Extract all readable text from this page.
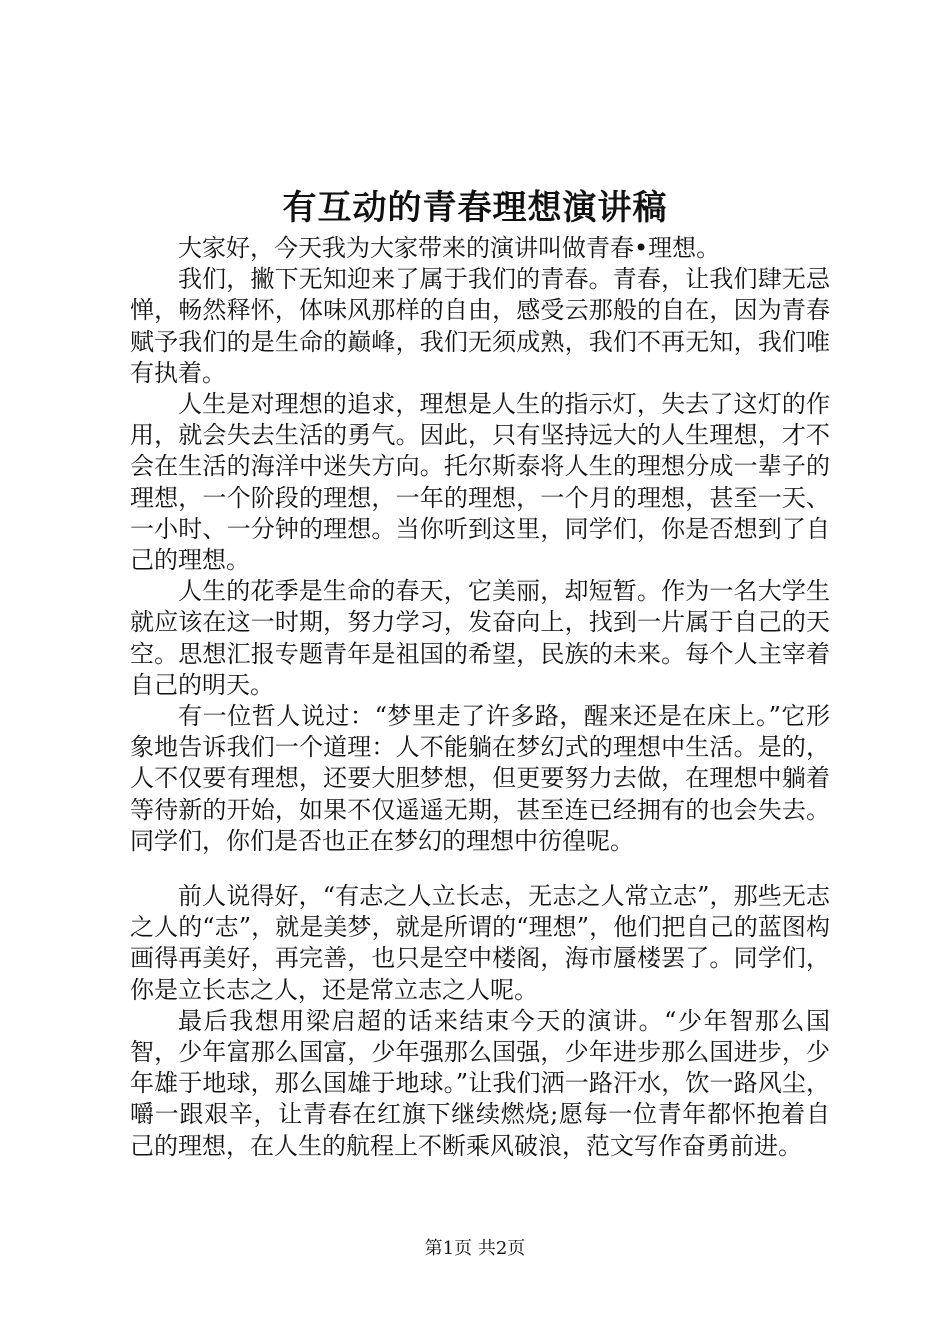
有互动的青春理想演讲稿

大家好，今天我为大家带来的演讲叫做青春•理想。

我们，撇下无知迎来了属于我们的青春。青春，让我们肆无忌惮，畅然释怀，体味风那样的自由，感受云那般的自在，因为青春赋予我们的是生命的巅峰，我们无须成熟，我们不再无知，我们唯有执着。

人生是对理想的追求，理想是人生的指示灯，失去了这灯的作用，就会失去生活的勇气。因此，只有坚持远大的人生理想，才不会在生活的海洋中迷失方向。托尔斯泰将人生的理想分成一辈子的理想，一个阶段的理想，一年的理想，一个月的理想，甚至一天、一小时、一分钟的理想。当你听到这里，同学们，你是否想到了自己的理想。

人生的花季是生命的春天，它美丽，却短暂。作为一名大学生就应该在这一时期，努力学习，发奋向上，找到一片属于自己的天空。思想汇报专题青年是祖国的希望，民族的未来。每个人主宰着自己的明天。

有一位哲人说过：“梦里走了许多路，醒来还是在床上。”它形象地告诉我们一个道理：人不能躺在梦幻式的理想中生活。是的，人不仅要有理想，还要大胆梦想，但更要努力去做，在理想中躺着等待新的开始，如果不仅遥遥无期，甚至连已经拥有的也会失去。同学们，你们是否也正在梦幻的理想中彷徨呢。

前人说得好，“有志之人立长志，无志之人常立志”，那些无志之人的“志”，就是美梦，就是所谓的“理想”，他们把自己的蓝图构画得再美好，再完善，也只是空中楼阁，海市蜃楼罢了。同学们，你是立长志之人，还是常立志之人呢。

最后我想用梁启超的话来结束今天的演讲。“少年智那么国智，少年富那么国富，少年强那么国强，少年进步那么国进步，少年雄于地球，那么国雄于地球。”让我们洒一路汗水，饮一路风尘，嚼一跟艰辛，让青春在红旗下继续燃烧;愿每一位青年都怀抱着自己的理想，在人生的航程上不断乘风破浪，范文写作奋勇前进。

第1页 共2页
